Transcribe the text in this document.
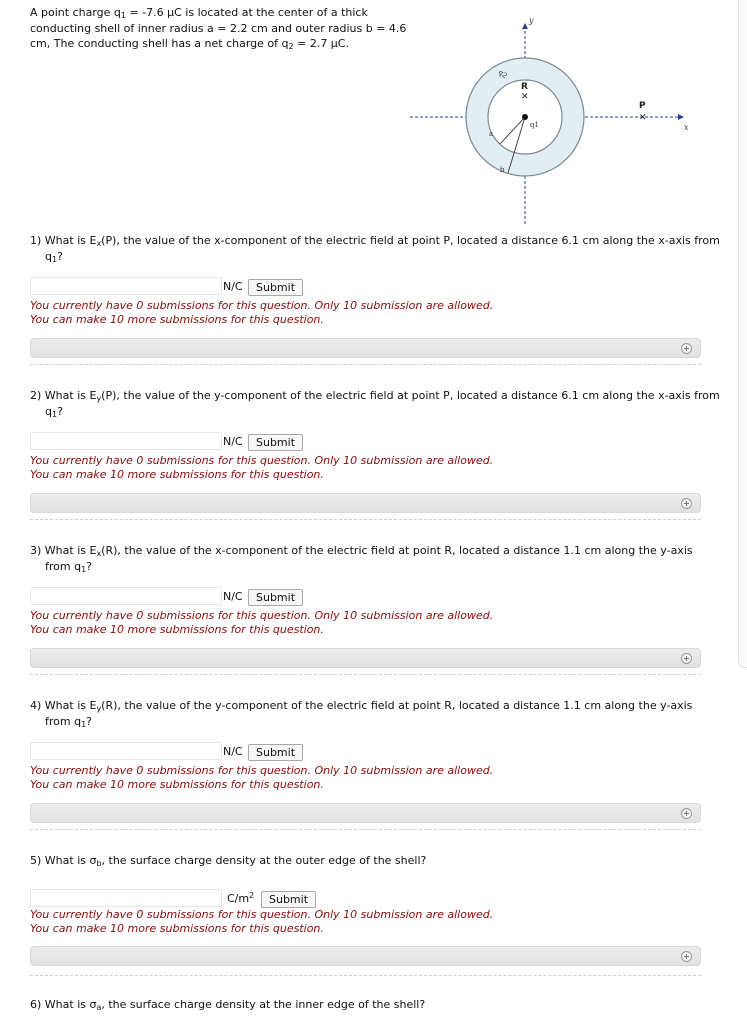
A point charge $q_1 = -7.6$ µC is located at the center of a thick
conducting shell of inner radius a = 2.2 cm and outer radius b = 4.6
cm, The conducting shell has a net charge of $q_2 = 2.7$ µC.
y
x
q2
q1
R
✕
P
✕
a
b
1) What is $E_x(P)$, the value of the x-component of the electric field at point P, located a distance 6.1 cm along the x-axis from $q_1$?
N/C	Submit
You currently have 0 submissions for this question. Only 10 submission are allowed.
You can make 10 more submissions for this question.
2) What is $E_y(P)$, the value of the y-component of the electric field at point P, located a distance 6.1 cm along the x-axis from $q_1$?
N/C	Submit
You currently have 0 submissions for this question. Only 10 submission are allowed.
You can make 10 more submissions for this question.
3) What is $E_x(R)$, the value of the x-component of the electric field at point R, located a distance 1.1 cm along the y-axis from $q_1$?
N/C	Submit
You currently have 0 submissions for this question. Only 10 submission are allowed.
You can make 10 more submissions for this question.
4) What is $E_y(R)$, the value of the y-component of the electric field at point R, located a distance 1.1 cm along the y-axis from $q_1$?
N/C	Submit
You currently have 0 submissions for this question. Only 10 submission are allowed.
You can make 10 more submissions for this question.
5) What is $\sigma_b$, the surface charge density at the outer edge of the shell?
$C/m^2$	Submit
You currently have 0 submissions for this question. Only 10 submission are allowed.
You can make 10 more submissions for this question.
6) What is $\sigma_a$, the surface charge density at the inner edge of the shell?
